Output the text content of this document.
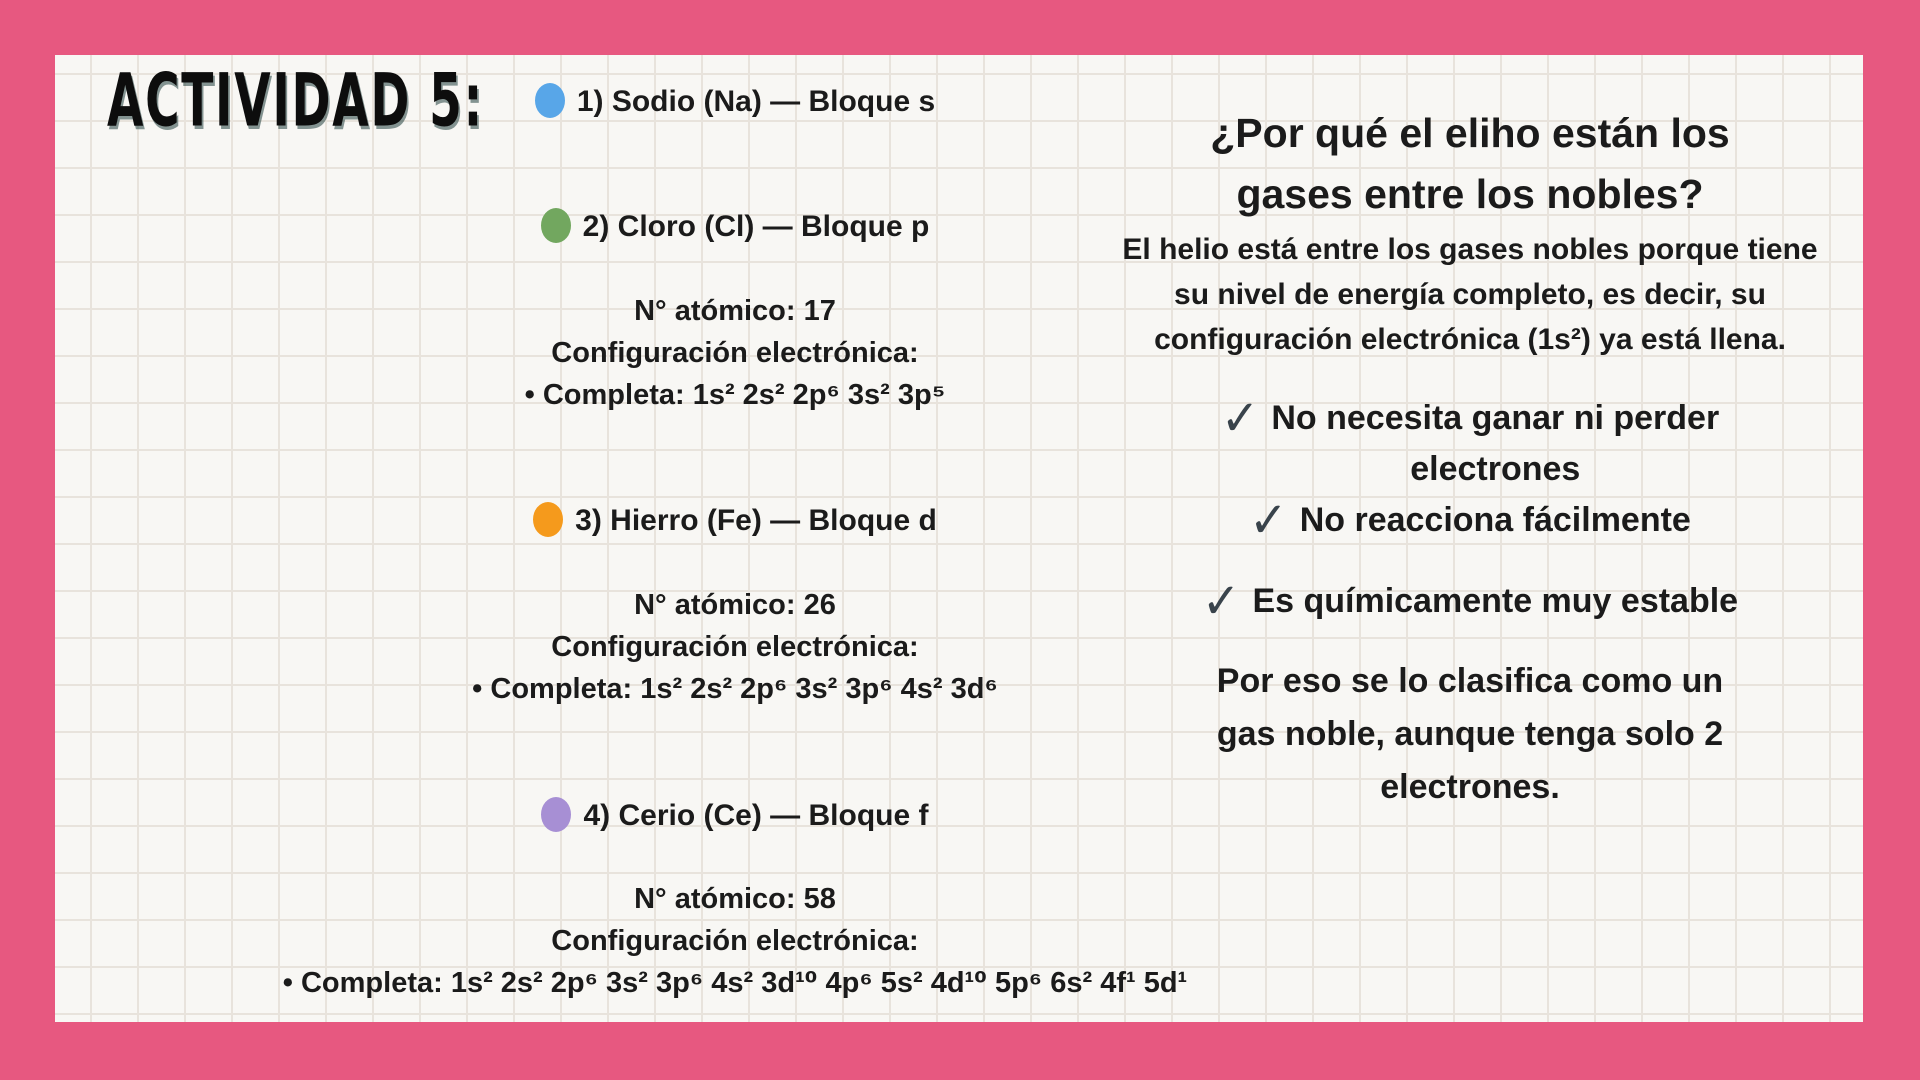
ACTIVIDAD 5:	1) Sodio (Na) — Bloque s
2) Cloro (Cl) — Bloque p
N° atómico: 17
Configuración electrónica:
• Completa: 1s² 2s² 2p⁶ 3s² 3p⁵
3) Hierro (Fe) — Bloque d
N° atómico: 26
Configuración electrónica:
• Completa: 1s² 2s² 2p⁶ 3s² 3p⁶ 4s² 3d⁶
4) Cerio (Ce) — Bloque f
N° atómico: 58
Configuración electrónica:
• Completa: 1s² 2s² 2p⁶ 3s² 3p⁶ 4s² 3d¹⁰ 4p⁶ 5s² 4d¹⁰ 5p⁶ 6s² 4f¹ 5d¹
¿Por qué el eliho están los
gases entre los nobles?
El helio está entre los gases nobles porque tiene
su nivel de energía completo, es decir, su
configuración electrónica (1s²) ya está llena.
✓ No necesita ganar ni perder
electrones
✓ No reacciona fácilmente
✓ Es químicamente muy estable
Por eso se lo clasifica como un
gas noble, aunque tenga solo 2
electrones.
